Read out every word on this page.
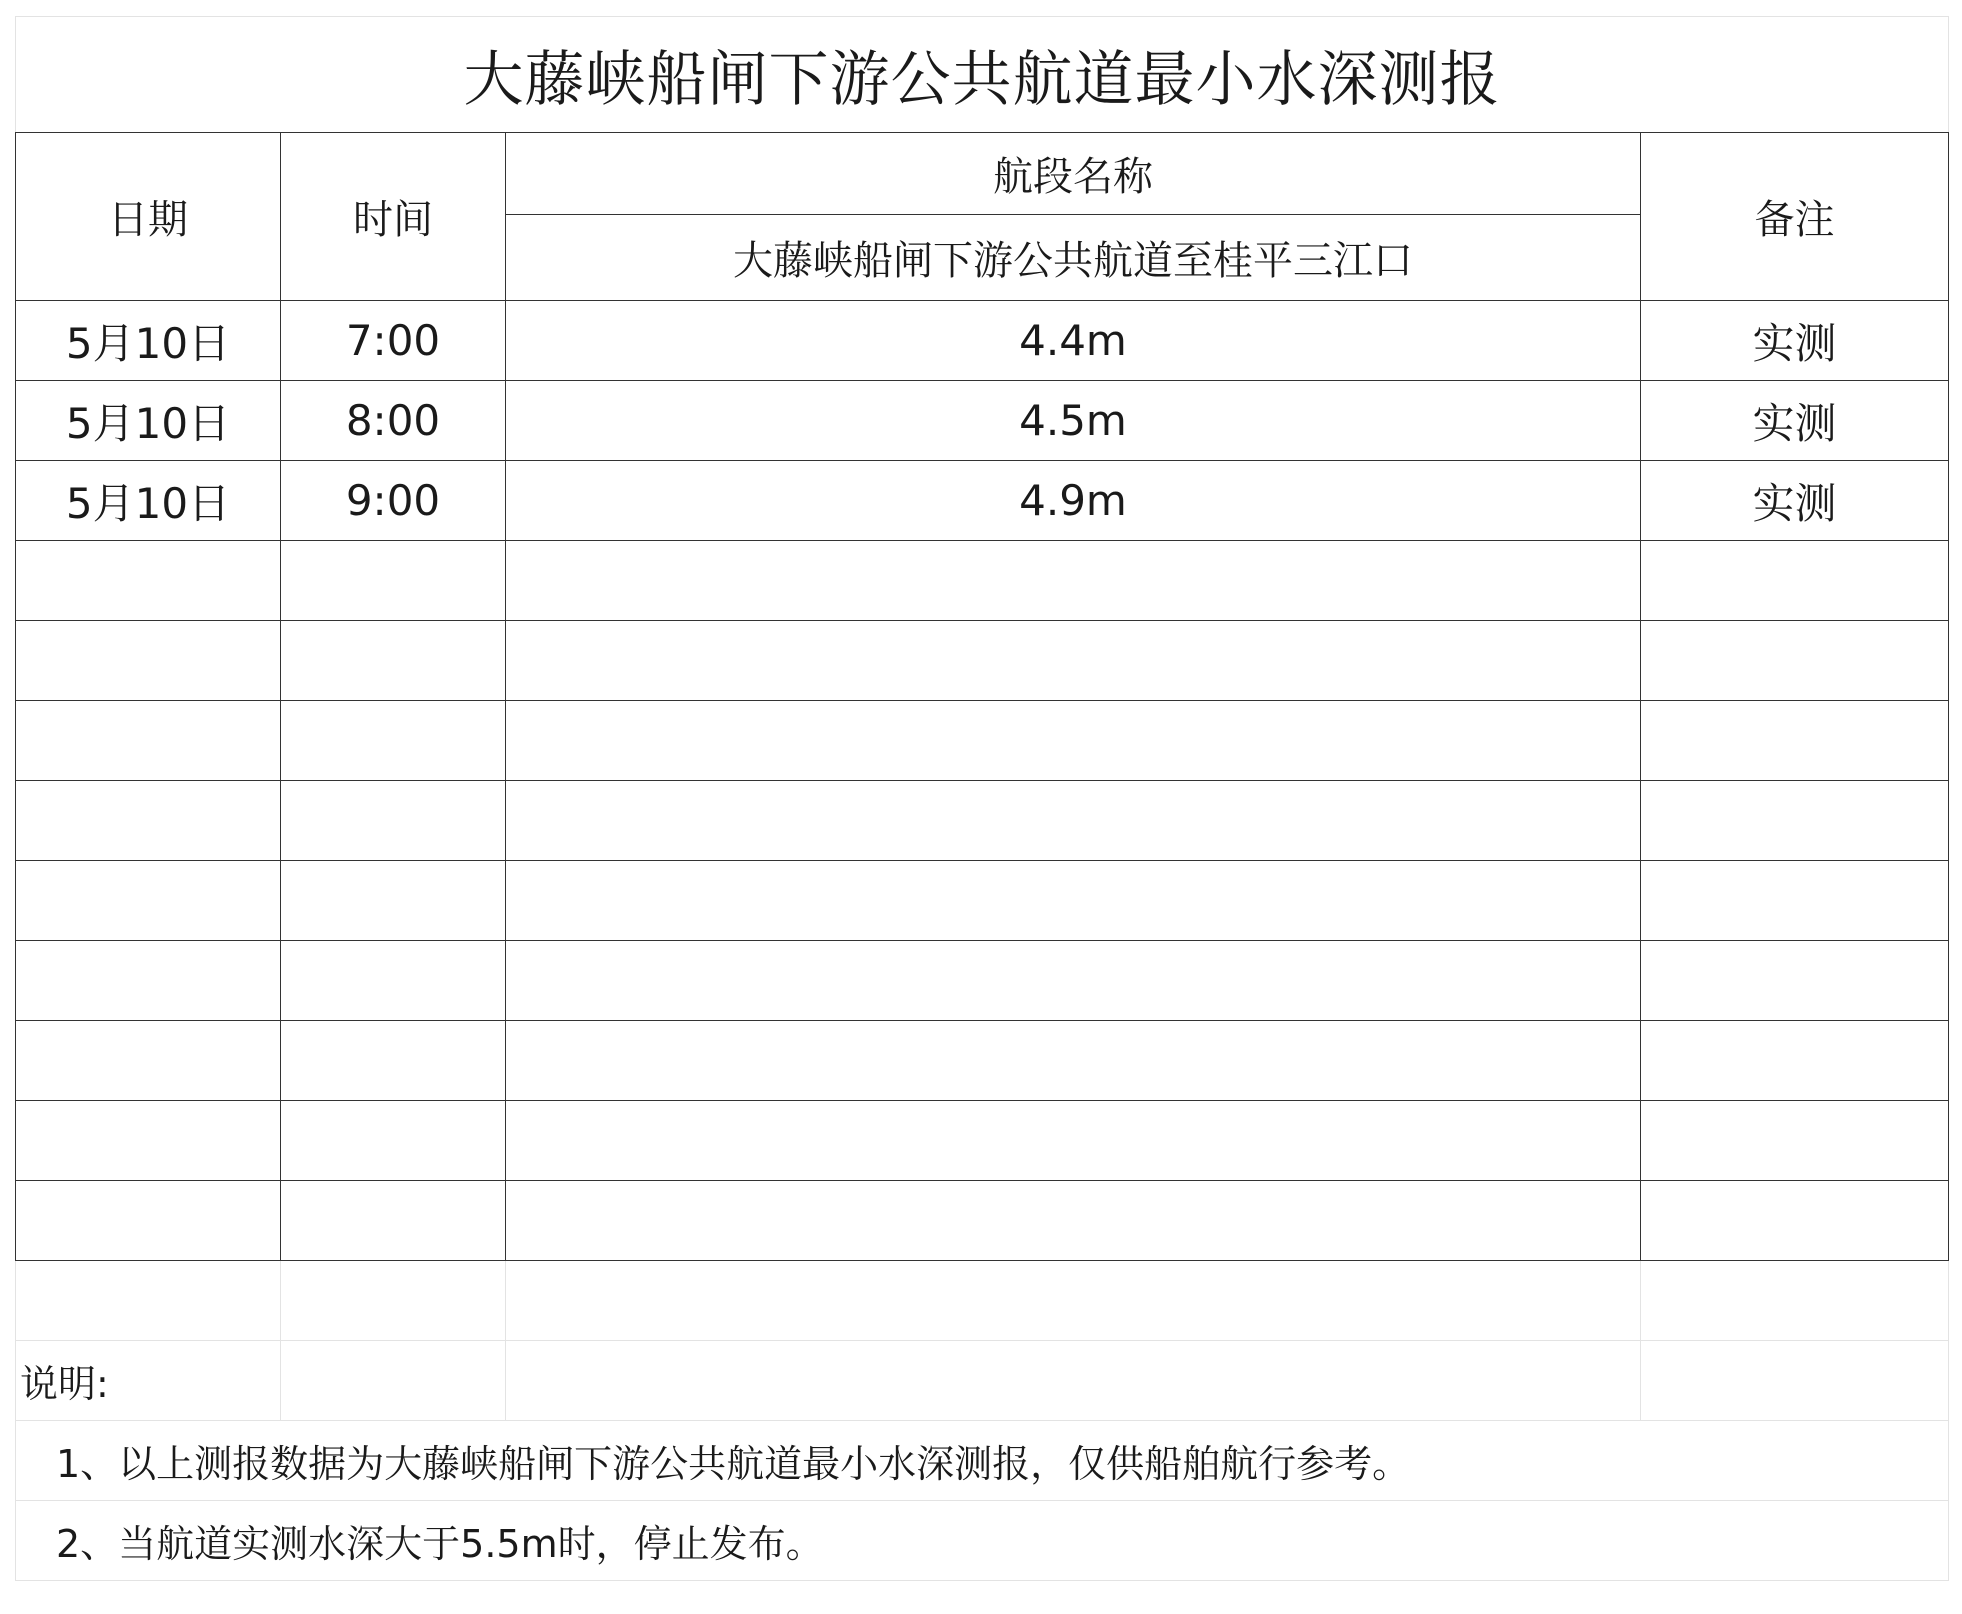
大藤峡船闸下游公共航道最小水深测报			
日期	时间	航段名称	备注
		大藤峡船闸下游公共航道至桂平三江口	
5月10日	7:00	4.4m	实测
5月10日	8:00	4.5m	实测
5月10日	9:00	4.9m	实测

说明:			
1、以上测报数据为大藤峡船闸下游公共航道最小水深测报，仅供船舶航行参考。			
2、当航道实测水深大于5.5m时，停止发布。			
